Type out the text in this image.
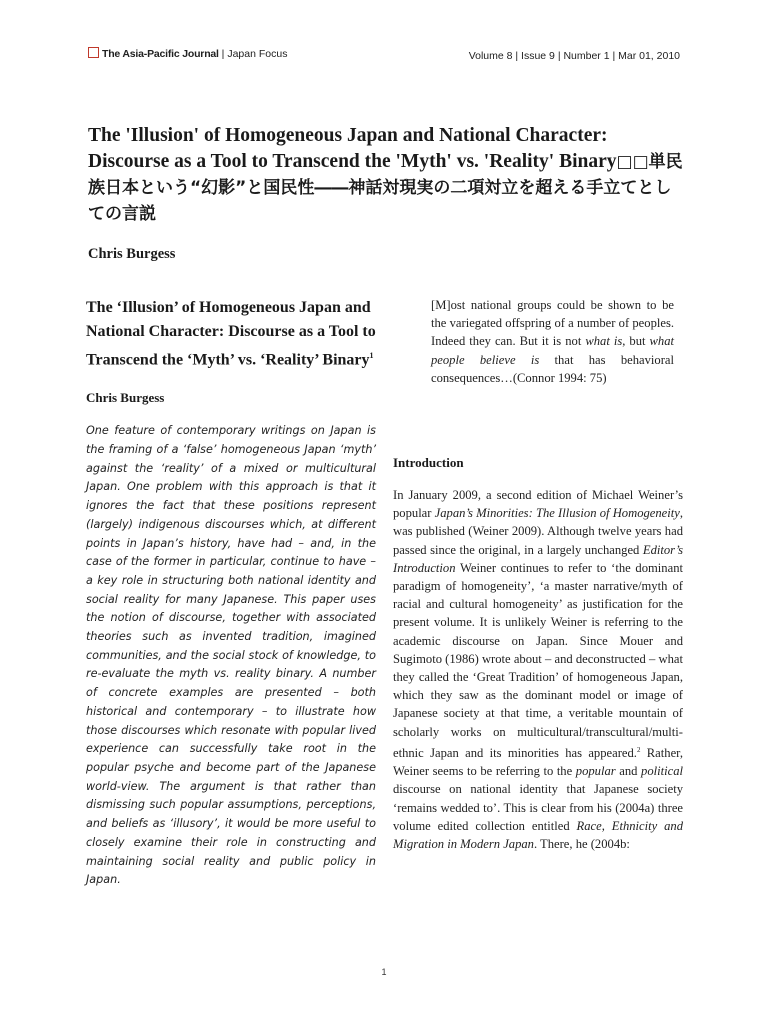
The Asia-Pacific Journal | Japan Focus	Volume 8 | Issue 9 | Number 1 | Mar 01, 2010
The 'Illusion' of Homogeneous Japan and National Character: Discourse as a Tool to Transcend the 'Myth' vs. 'Reality' Binary□□単民族日本という“幻影”と国民性――神話対現実の二項対立を超える手立てとしての言説
Chris Burgess
The ‘Illusion’ of Homogeneous Japan and National Character: Discourse as a Tool to Transcend the ‘Myth’ vs. ‘Reality’ Binary$^1$
Chris Burgess

One feature of contemporary writings on Japan is the framing of a ‘false’ homogeneous Japan ‘myth’ against the ‘reality’ of a mixed or multicultural Japan. One problem with this approach is that it ignores the fact that these positions represent (largely) indigenous discourses which, at different points in Japan’s history, have had – and, in the case of the former in particular, continue to have – a key role in structuring both national identity and social reality for many Japanese. This paper uses the notion of discourse, together with associated theories such as invented tradition, imagined communities, and the social stock of knowledge, to re-evaluate the myth vs. reality binary. A number of concrete examples are presented – both historical and contemporary – to illustrate how those discourses which resonate with popular lived experience can successfully take root in the popular psyche and become part of the Japanese world-view. The argument is that rather than dismissing such popular assumptions, perceptions, and beliefs as ‘illusory’, it would be more useful to closely examine their role in constructing and maintaining social reality and public policy in Japan.

[M]ost national groups could be shown to be the variegated offspring of a number of peoples. Indeed they can. But it is not what is, but what people believe is that has behavioral consequences…(Connor 1994: 75)
Introduction
In January 2009, a second edition of Michael Weiner’s popular Japan’s Minorities: The Illusion of Homogeneity, was published (Weiner 2009). Although twelve years had passed since the original, in a largely unchanged Editor’s Introduction Weiner continues to refer to ‘the dominant paradigm of homogeneity’, ‘a master narrative/myth of racial and cultural homogeneity’ as justification for the present volume. It is unlikely Weiner is referring to the academic discourse on Japan. Since Mouer and Sugimoto (1986) wrote about – and deconstructed – what they called the ‘Great Tradition’ of homogeneous Japan, which they saw as the dominant model or image of Japanese society at that time, a veritable mountain of scholarly works on multicultural/transcultural/multi-ethnic Japan and its minorities has appeared.$^2$ Rather, Weiner seems to be referring to the popular and political discourse on national identity that Japanese society ‘remains wedded to’. This is clear from his (2004a) three volume edited collection entitled Race, Ethnicity and Migration in Modern Japan. There, he (2004b:
1
